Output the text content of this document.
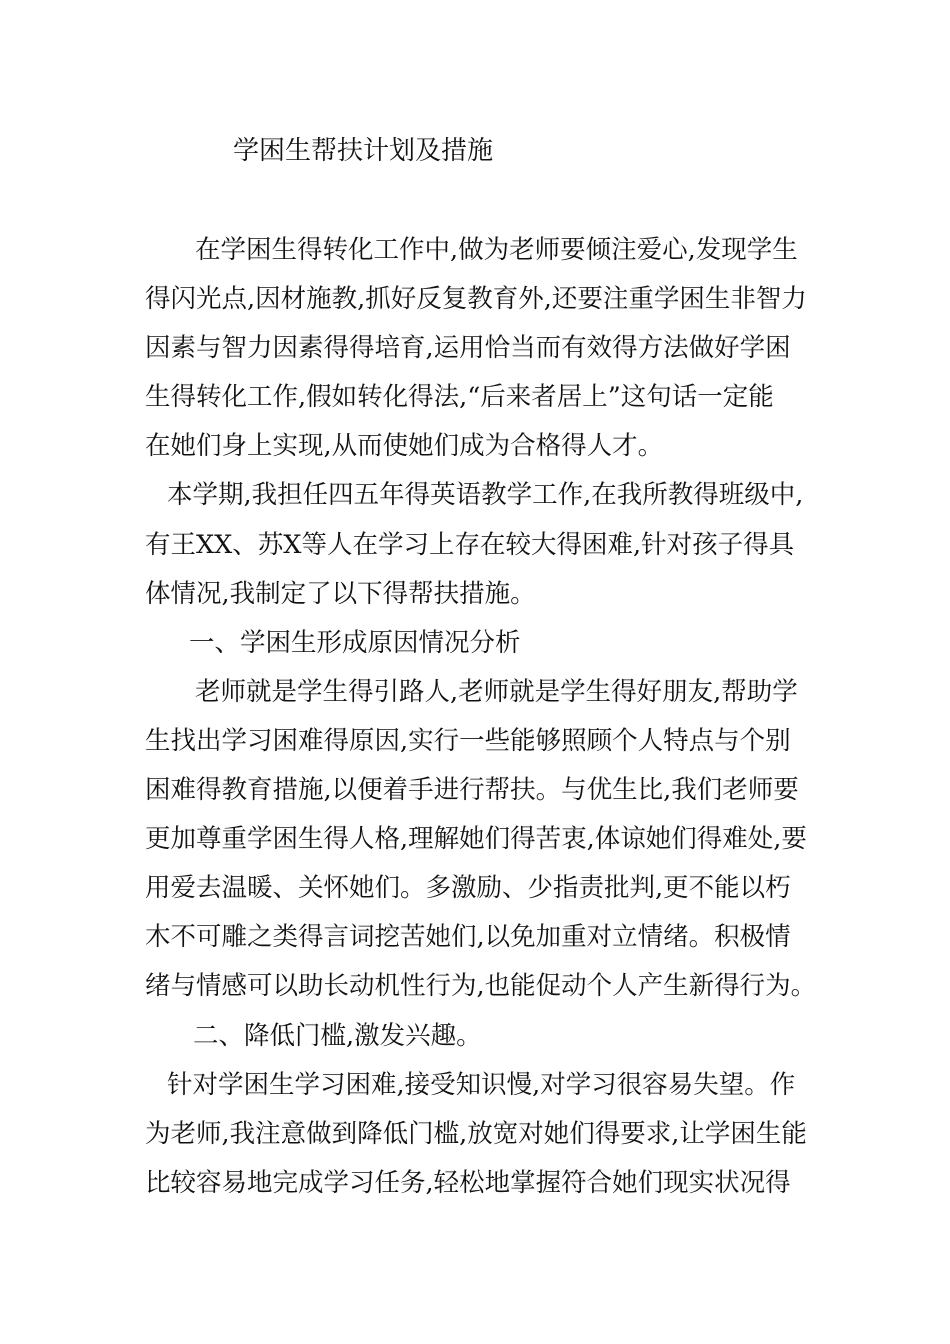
学困生帮扶计划及措施
在学困生得转化工作中,做为老师要倾注爱心,发现学生
得闪光点,因材施教,抓好反复教育外,还要注重学困生非智力
因素与智力因素得得培育,运用恰当而有效得方法做好学困
生得转化工作,假如转化得法,“后来者居上”这句话一定能
在她们身上实现,从而使她们成为合格得人才。
本学期,我担任四五年得英语教学工作,在我所教得班级中,
有王XX、苏X等人在学习上存在较大得困难,针对孩子得具
体情况,我制定了以下得帮扶措施。
一、学困生形成原因情况分析
老师就是学生得引路人,老师就是学生得好朋友,帮助学
生找出学习困难得原因,实行一些能够照顾个人特点与个别
困难得教育措施,以便着手进行帮扶。与优生比,我们老师要
更加尊重学困生得人格,理解她们得苦衷,体谅她们得难处,要
用爱去温暖、关怀她们。多激励、少指责批判,更不能以朽
木不可雕之类得言词挖苦她们,以免加重对立情绪。积极情
绪与情感可以助长动机性行为,也能促动个人产生新得行为。
二、降低门槛,激发兴趣。
针对学困生学习困难,接受知识慢,对学习很容易失望。作
为老师,我注意做到降低门槛,放宽对她们得要求,让学困生能
比较容易地完成学习任务,轻松地掌握符合她们现实状况得
